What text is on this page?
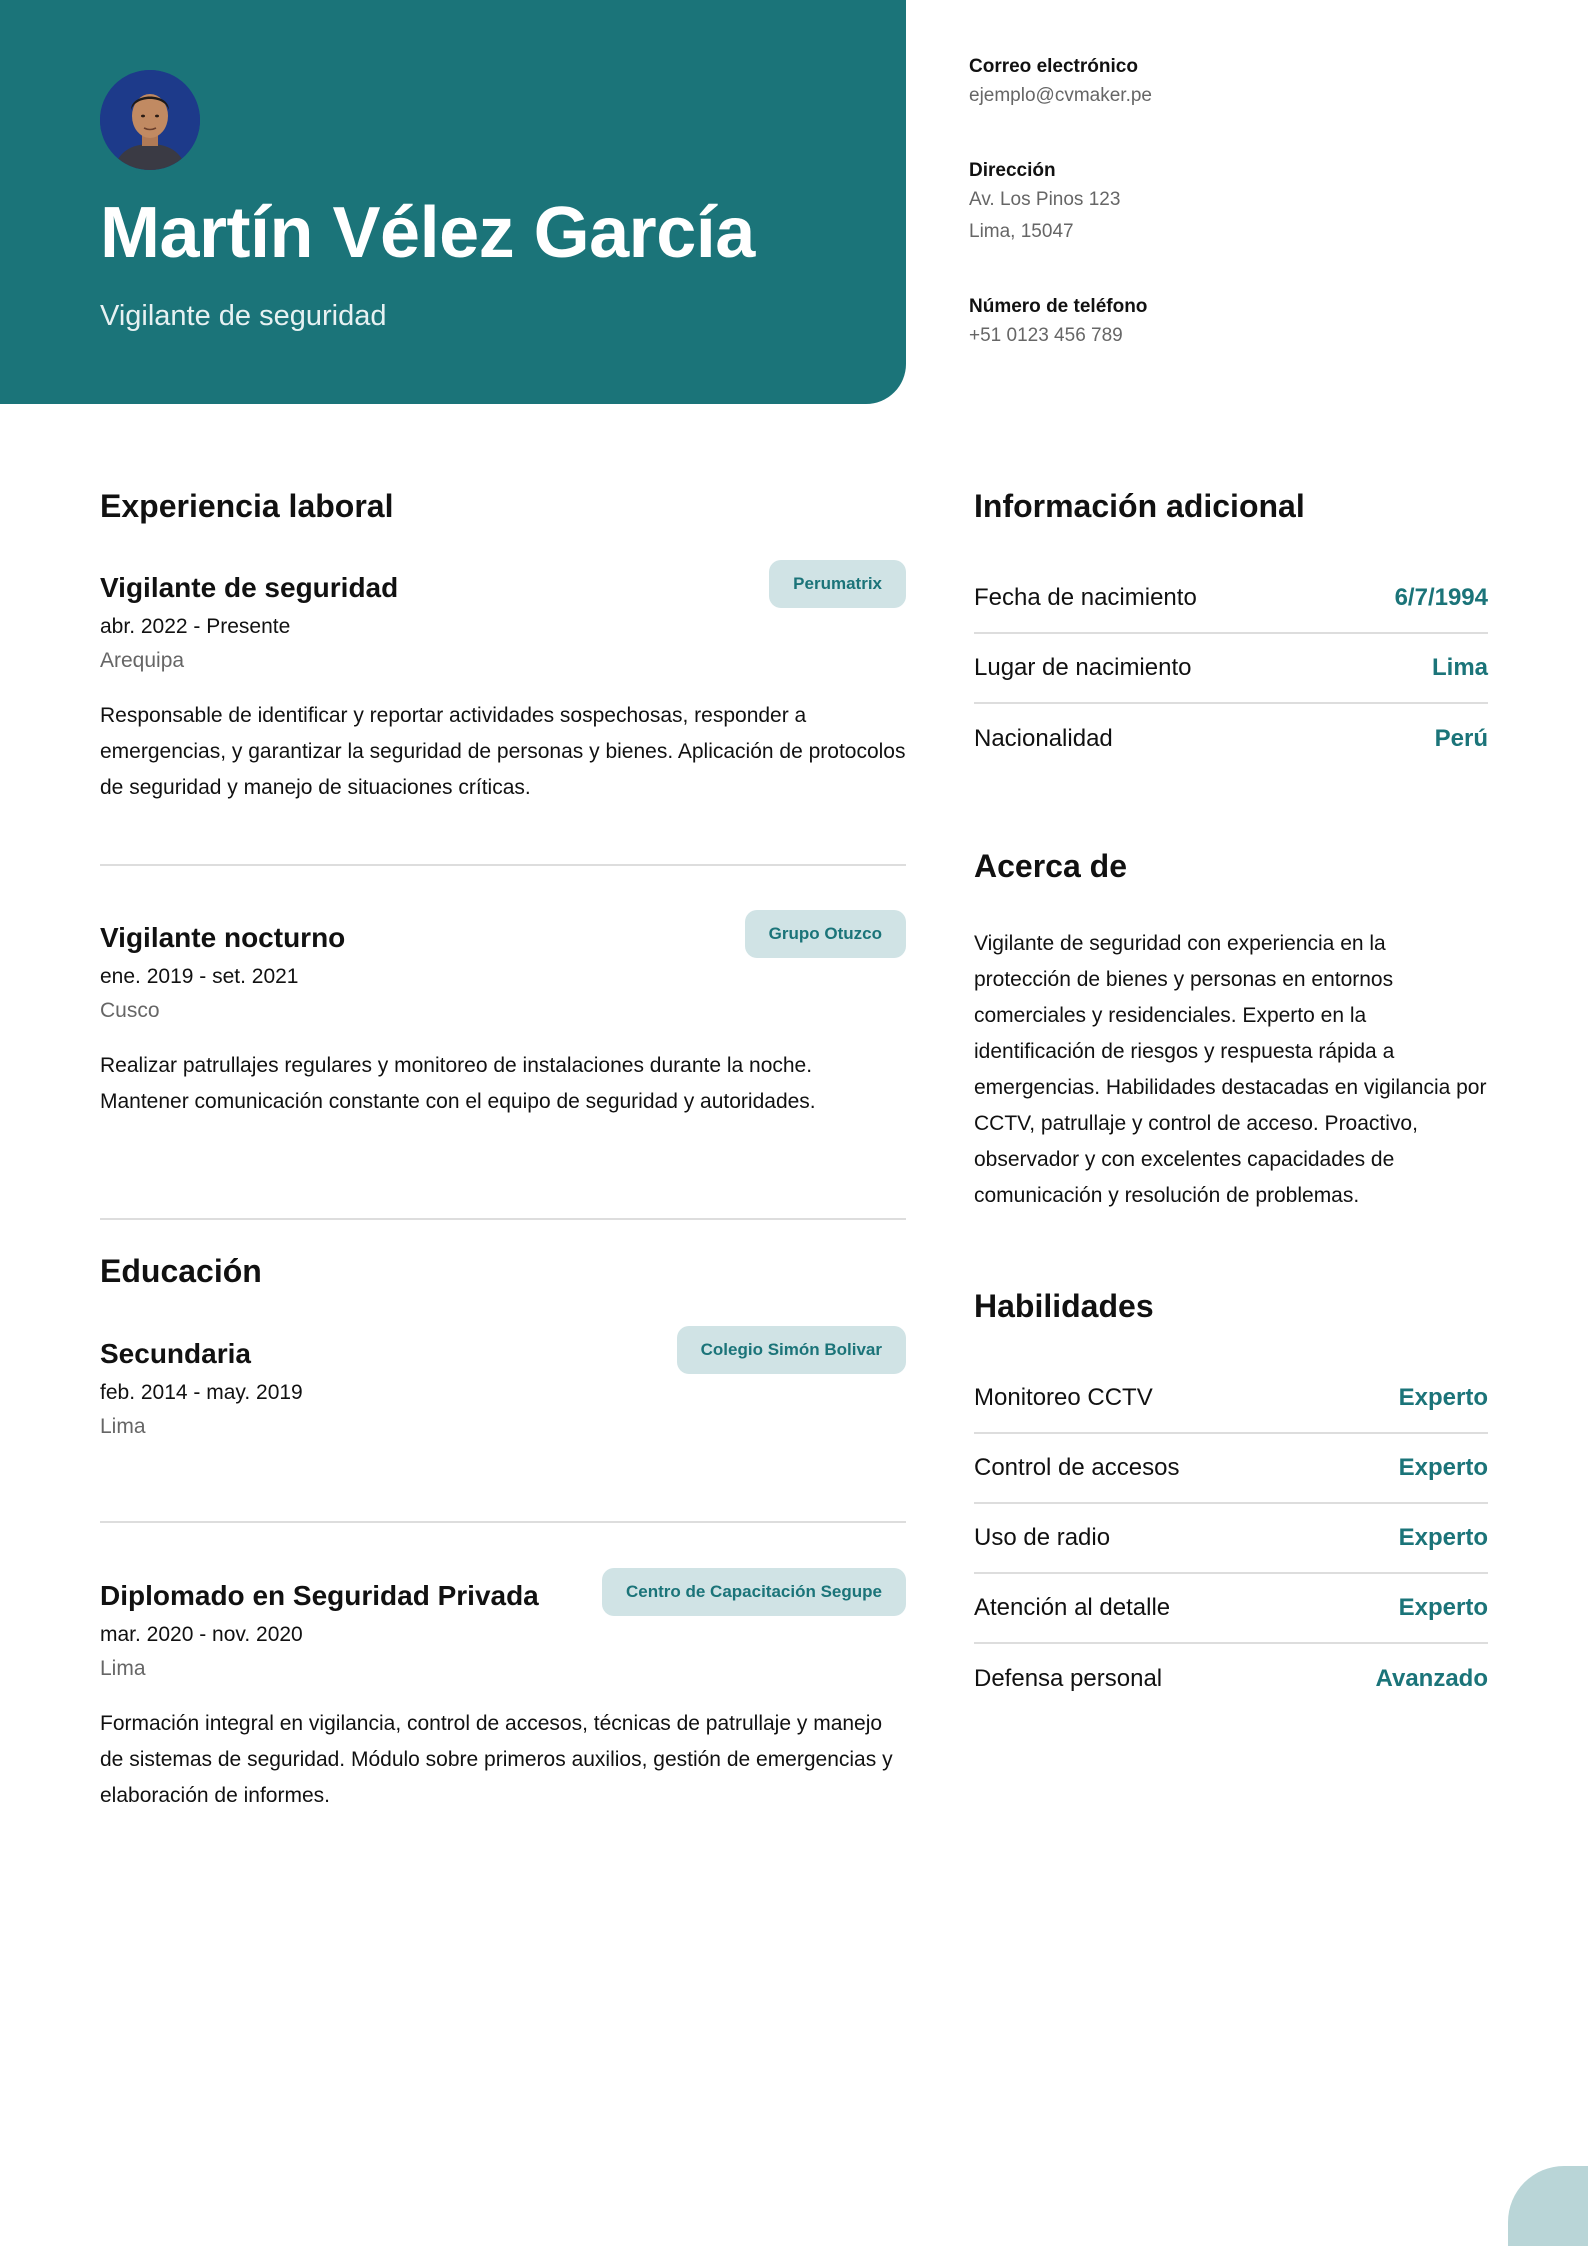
Martín Vélez García
Vigilante de seguridad
Correo electrónico
ejemplo@cvmaker.pe
Dirección
Av. Los Pinos 123
Lima, 15047
Número de teléfono
+51 0123 456 789
Experiencia laboral
Vigilante de seguridad	Perumatrix
abr. 2022 - Presente
Arequipa
Responsable de identificar y reportar actividades sospechosas, responder a emergencias, y garantizar la seguridad de personas y bienes. Aplicación de protocolos de seguridad y manejo de situaciones críticas.
Vigilante nocturno	Grupo Otuzco
ene. 2019 - set. 2021
Cusco
Realizar patrullajes regulares y monitoreo de instalaciones durante la noche. Mantener comunicación constante con el equipo de seguridad y autoridades.
Educación
Secundaria	Colegio Simón Bolivar
feb. 2014 - may. 2019
Lima
Diplomado en Seguridad Privada	Centro de Capacitación Segupe
mar. 2020 - nov. 2020
Lima
Formación integral en vigilancia, control de accesos, técnicas de patrullaje y manejo de sistemas de seguridad. Módulo sobre primeros auxilios, gestión de emergencias y elaboración de informes.
Información adicional
Fecha de nacimiento	6/7/1994
Lugar de nacimiento	Lima
Nacionalidad	Perú
Acerca de
Vigilante de seguridad con experiencia en la protección de bienes y personas en entornos comerciales y residenciales. Experto en la identificación de riesgos y respuesta rápida a emergencias. Habilidades destacadas en vigilancia por CCTV, patrullaje y control de acceso. Proactivo, observador y con excelentes capacidades de comunicación y resolución de problemas.
Habilidades
Monitoreo CCTV	Experto
Control de accesos	Experto
Uso de radio	Experto
Atención al detalle	Experto
Defensa personal	Avanzado
